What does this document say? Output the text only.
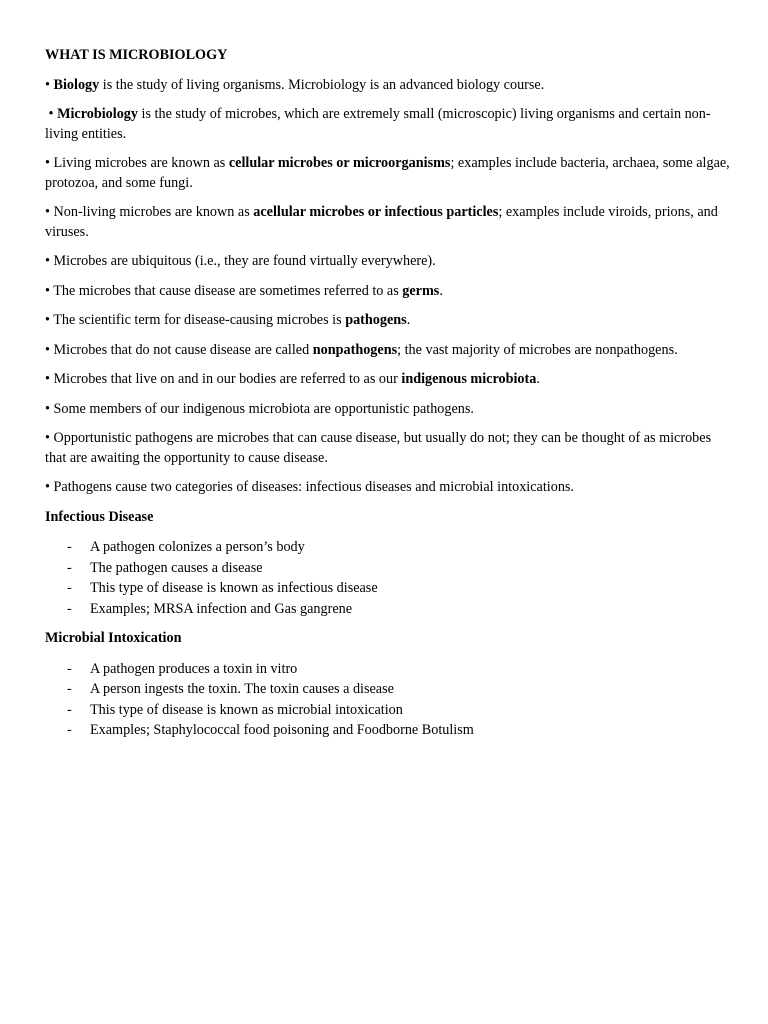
WHAT IS MICROBIOLOGY
• Biology is the study of living organisms. Microbiology is an advanced biology course.
• Microbiology is the study of microbes, which are extremely small (microscopic) living organisms and certain non-living entities.
• Living microbes are known as cellular microbes or microorganisms; examples include bacteria, archaea, some algae, protozoa, and some fungi.
• Non-living microbes are known as acellular microbes or infectious particles; examples include viroids, prions, and viruses.
• Microbes are ubiquitous (i.e., they are found virtually everywhere).
• The microbes that cause disease are sometimes referred to as germs.
• The scientific term for disease-causing microbes is pathogens.
• Microbes that do not cause disease are called nonpathogens; the vast majority of microbes are nonpathogens.
• Microbes that live on and in our bodies are referred to as our indigenous microbiota.
• Some members of our indigenous microbiota are opportunistic pathogens.
• Opportunistic pathogens are microbes that can cause disease, but usually do not; they can be thought of as microbes that are awaiting the opportunity to cause disease.
• Pathogens cause two categories of diseases: infectious diseases and microbial intoxications.
Infectious Disease
- A pathogen colonizes a person’s body
- The pathogen causes a disease
- This type of disease is known as infectious disease
- Examples; MRSA infection and Gas gangrene
Microbial Intoxication
- A pathogen produces a toxin in vitro
- A person ingests the toxin. The toxin causes a disease
- This type of disease is known as microbial intoxication
- Examples; Staphylococcal food poisoning and Foodborne Botulism
